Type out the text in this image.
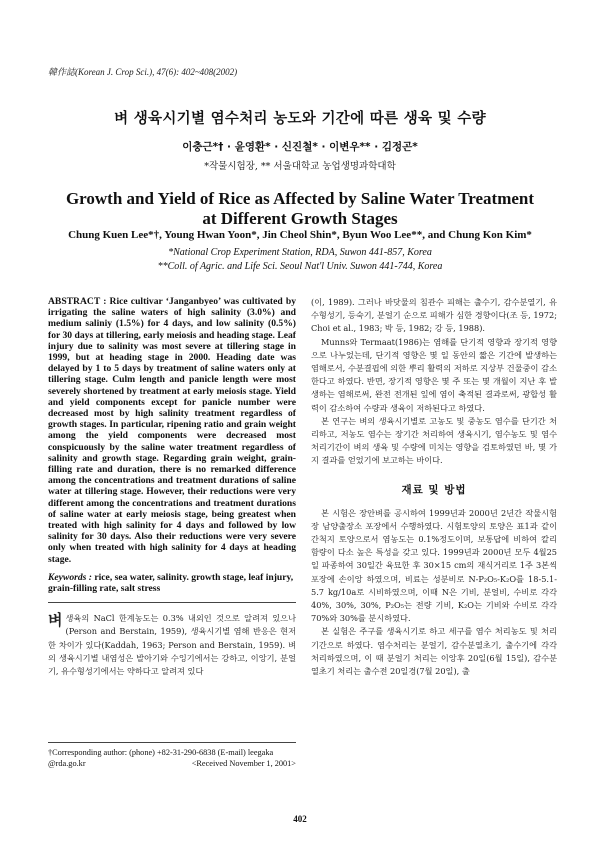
韓作誌(Korean J. Crop Sci.), 47(6): 402~408(2002)
벼 생육시기별 염수처리 농도와 기간에 따른 생육 및 수량
이충근*† · 윤영환* · 신진철* · 이변우** · 김정곤*
*작물시험장, ** 서울대학교 농업생명과학대학
Growth and Yield of Rice as Affected by Saline Water Treatment
at Different Growth Stages
Chung Kuen Lee*†, Young Hwan Yoon*, Jin Cheol Shin*, Byun Woo Lee**, and Chung Kon Kim*
*National Crop Experiment Station, RDA, Suwon 441-857, Korea
**Coll. of Agric. and Life Sci. Seoul Nat'l Univ. Suwon 441-744, Korea

ABSTRACT : Rice cultivar ‘Janganbyeo’ was cultivated by irrigating the saline waters of high salinity (3.0%) and medium saliniy (1.5%) for 4 days, and low salinity (0.5%) for 30 days at tillering, early meiosis and heading stage. Leaf injury due to salinity was most severe at tillering stage in 1999, but at heading stage in 2000. Heading date was delayed by 1 to 5 days by treatment of saline waters only at tillering stage. Culm length and panicle length were most severely shortened by treatment at early meiosis stage. Yield and yield components except for panicle number were decreased most by high salinity treatment regardless of growth stages. In particular, ripening ratio and grain weight among the yield components were decreased most conspicuously by the saline water treatment regardless of salinity and growth stage. Regarding grain weight, grain-filling rate and duration, there is no remarked difference among the concentrations and treatment durations of saline water at tillering stage. However, their reductions were very different among the concentrations and treatment durations of saline water at early meiosis stage, being greatest when treated with high salinity for 4 days and followed by low salinity for 30 days. Also their reductions were very severe only when treated with high salinity for 4 days at heading stage.

Keywords : rice, sea water, salinity. growth stage, leaf injury, grain-filling rate, salt stress

벼생육의 NaCl 한계농도는 0.3% 내외인 것으로 알려져 있으나(Person and Berstain, 1959), 생육시기별 염해 반응은 현저한 차이가 있다(Kaddah, 1963; Person and Berstain, 1959). 벼의 생육시기별 내염성은 발아기와 수잉기에서는 강하고, 이앙기, 분얼기, 유수형성기에서는 약하다고 알려져 있다

(이, 1989). 그러나 바닷물의 침관수 피해는 출수기, 감수분열기, 유수형성기, 등숙기, 분얼기 순으로 피해가 심한 경향이다(조 등, 1972; Choi et al., 1983; 박 등, 1982; 강 등, 1988).

Munns와 Termaat(1986)는 염해를 단기적 영향과 장기적 영향으로 나누었는데, 단기적 영향은 몇 일 동안의 짧은 기간에 발생하는 염해로서, 수분결핍에 의한 뿌리 활력의 저하로 지상부 건물중이 감소한다고 하였다. 반면, 장기적 영향은 몇 주 또는 몇 개월이 지난 후 발생하는 염해로써, 완전 전개된 잎에 염이 축적된 결과로써, 광합성 활력이 감소하여 수량과 생육이 저하된다고 하였다.

본 연구는 벼의 생육시기별로 고농도 및 중농도 염수를 단기간 처리하고, 저농도 염수는 장기간 처리하여 생육시기, 염수농도 및 염수 처리기간이 벼의 생육 및 수량에 미치는 영향을 검토하였던 바, 몇 가지 결과를 얻었기에 보고하는 바이다.

재료 및 방법

본 시험은 장안벼를 공시하여 1999년과 2000년 2년간 작물시험장 남양출장소 포장에서 수행하였다. 시험토양의 토양은 표1과 같이 간척지 토양으로서 염농도는 0.1%정도이며, 보통답에 비하여 칼리 함량이 다소 높은 특성을 갖고 있다. 1999년과 2000년 모두 4월25일 파종하여 30일간 육묘한 후 30×15 cm의 재식거리로 1주 3본씩 포장에 손이앙 하였으며, 비료는 성분비로 N-P₂O₅-K₂O를 18-5.1-5.7 kg/10a로 시비하였으며, 이때 N은 기비, 분얼비, 수비로 각각 40%, 30%, 30%, P₂O₅는 전량 기비, K₂O는 기비와 수비로 각각 70%와 30%를 분시하였다.

본 실험은 주구를 생육시기로 하고 세구를 염수 처리농도 및 처리기간으로 하였다. 염수처리는 분얼기, 감수분열초기, 출수기에 각각 처리하였으며, 이 때 분얼기 처리는 이앙후 20일(6월 15일), 감수분열초기 처리는 출수전 20일경(7월 20일), 출

†Corresponding author: (phone) +82-31-290-6838 (E-mail) leegaka
@rda.go.kr	<Received November 1, 2001>
402
